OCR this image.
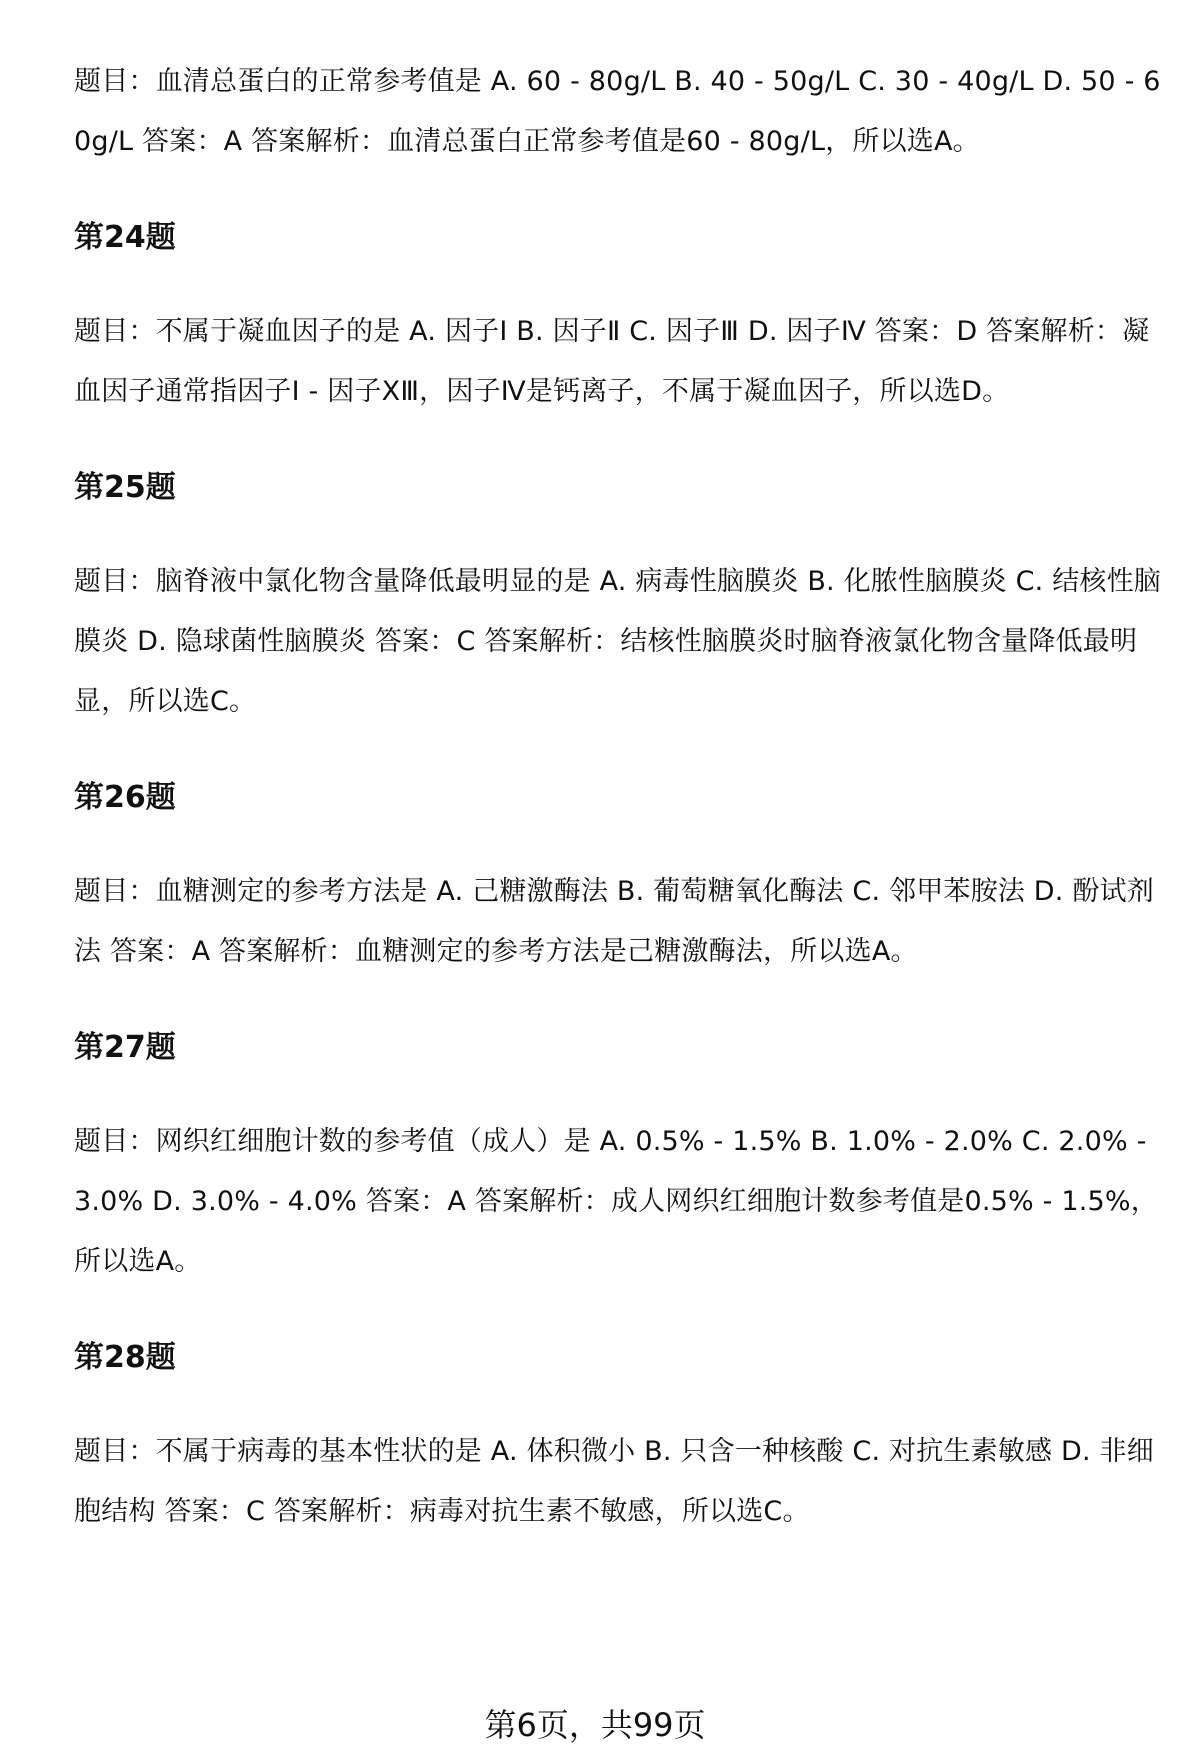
题目：血清总蛋白的正常参考值是 A. 60 - 80g/L B. 40 - 50g/L C. 30 - 40g/L D. 50 - 60g/L 答案：A 答案解析：血清总蛋白正常参考值是60 - 80g/L，所以选A。

第24题

题目：不属于凝血因子的是 A. 因子Ⅰ B. 因子Ⅱ C. 因子Ⅲ D. 因子Ⅳ 答案：D 答案解析：凝血因子通常指因子Ⅰ - 因子ⅩⅢ，因子Ⅳ是钙离子，不属于凝血因子，所以选D。

第25题

题目：脑脊液中氯化物含量降低最明显的是 A. 病毒性脑膜炎 B. 化脓性脑膜炎 C. 结核性脑膜炎 D. 隐球菌性脑膜炎 答案：C 答案解析：结核性脑膜炎时脑脊液氯化物含量降低最明显，所以选C。

第26题

题目：血糖测定的参考方法是 A. 己糖激酶法 B. 葡萄糖氧化酶法 C. 邻甲苯胺法 D. 酚试剂法 答案：A 答案解析：血糖测定的参考方法是己糖激酶法，所以选A。

第27题

题目：网织红细胞计数的参考值（成人）是 A. 0.5% - 1.5% B. 1.0% - 2.0% C. 2.0% - 3.0% D. 3.0% - 4.0% 答案：A 答案解析：成人网织红细胞计数参考值是0.5% - 1.5%，所以选A。

第28题

题目：不属于病毒的基本性状的是 A. 体积微小 B. 只含一种核酸 C. 对抗生素敏感 D. 非细胞结构 答案：C 答案解析：病毒对抗生素不敏感，所以选C。

第6页，共99页
